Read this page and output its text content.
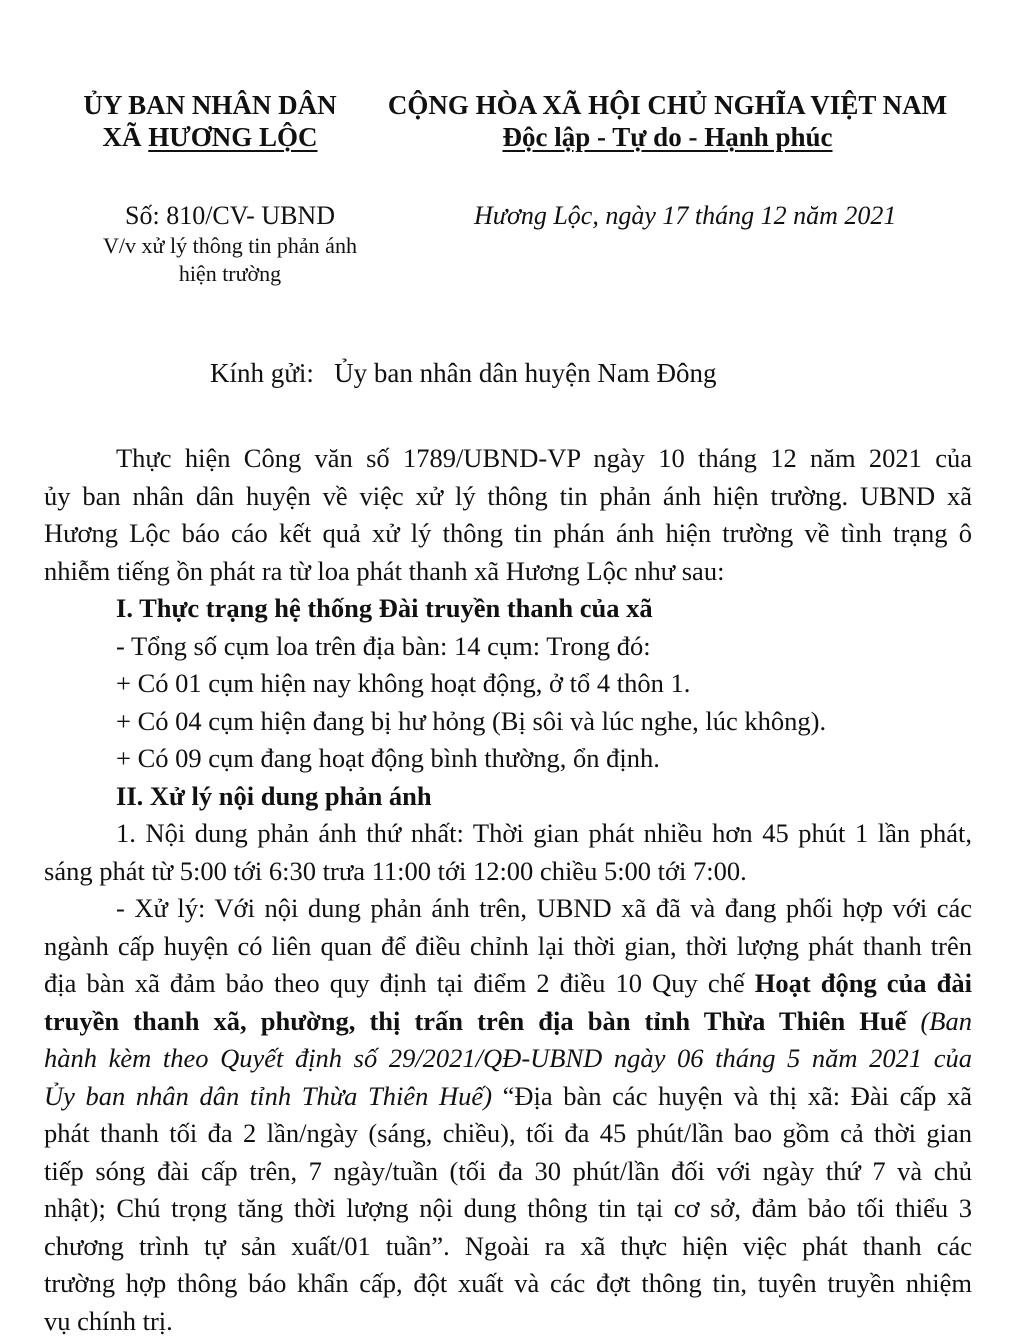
ỦY BAN NHÂN DÂN
XÃ HƯƠNG LỘC
CỘNG HÒA XÃ HỘI CHỦ NGHĨA VIỆT NAM
Độc lập - Tự do - Hạnh phúc
Số: 810/CV- UBND
V/v xử lý thông tin phản ánh
hiện trường
Hương Lộc, ngày 17 tháng 12 năm 2021
Kính gửi: Ủy ban nhân dân huyện Nam Đông
Thực hiện Công văn số 1789/UBND-VP ngày 10 tháng 12 năm 2021 của
ủy ban nhân dân huyện về việc xử lý thông tin phản ánh hiện trường. UBND xã
Hương Lộc báo cáo kết quả xử lý thông tin phán ánh hiện trường về tình trạng ô
nhiễm tiếng ồn phát ra từ loa phát thanh xã Hương Lộc như sau:
I. Thực trạng hệ thống Đài truyền thanh của xã
- Tổng số cụm loa trên địa bàn: 14 cụm: Trong đó:
+ Có 01 cụm hiện nay không hoạt động, ở tổ 4 thôn 1.
+ Có 04 cụm hiện đang bị hư hỏng (Bị sôi và lúc nghe, lúc không).
+ Có 09 cụm đang hoạt động bình thường, ổn định.
II. Xử lý nội dung phản ánh
1. Nội dung phản ánh thứ nhất: Thời gian phát nhiều hơn 45 phút 1 lần phát,
sáng phát từ 5:00 tới 6:30 trưa 11:00 tới 12:00 chiều 5:00 tới 7:00.
- Xử lý: Với nội dung phản ánh trên, UBND xã đã và đang phối hợp với các
ngành cấp huyện có liên quan để điều chỉnh lại thời gian, thời lượng phát thanh trên
địa bàn xã đảm bảo theo quy định tại điểm 2 điều 10 Quy chế Hoạt động của đài
truyền thanh xã, phường, thị trấn trên địa bàn tỉnh Thừa Thiên Huế (Ban
hành kèm theo Quyết định số 29/2021/QĐ-UBND ngày 06 tháng 5 năm 2021 của
Ủy ban nhân dân tỉnh Thừa Thiên Huế) “Địa bàn các huyện và thị xã: Đài cấp xã
phát thanh tối đa 2 lần/ngày (sáng, chiều), tối đa 45 phút/lần bao gồm cả thời gian
tiếp sóng đài cấp trên, 7 ngày/tuần (tối đa 30 phút/lần đối với ngày thứ 7 và chủ
nhật); Chú trọng tăng thời lượng nội dung thông tin tại cơ sở, đảm bảo tối thiểu 3
chương trình tự sản xuất/01 tuần”. Ngoài ra xã thực hiện việc phát thanh các
trường hợp thông báo khẩn cấp, đột xuất và các đợt thông tin, tuyên truyền nhiệm
vụ chính trị.
